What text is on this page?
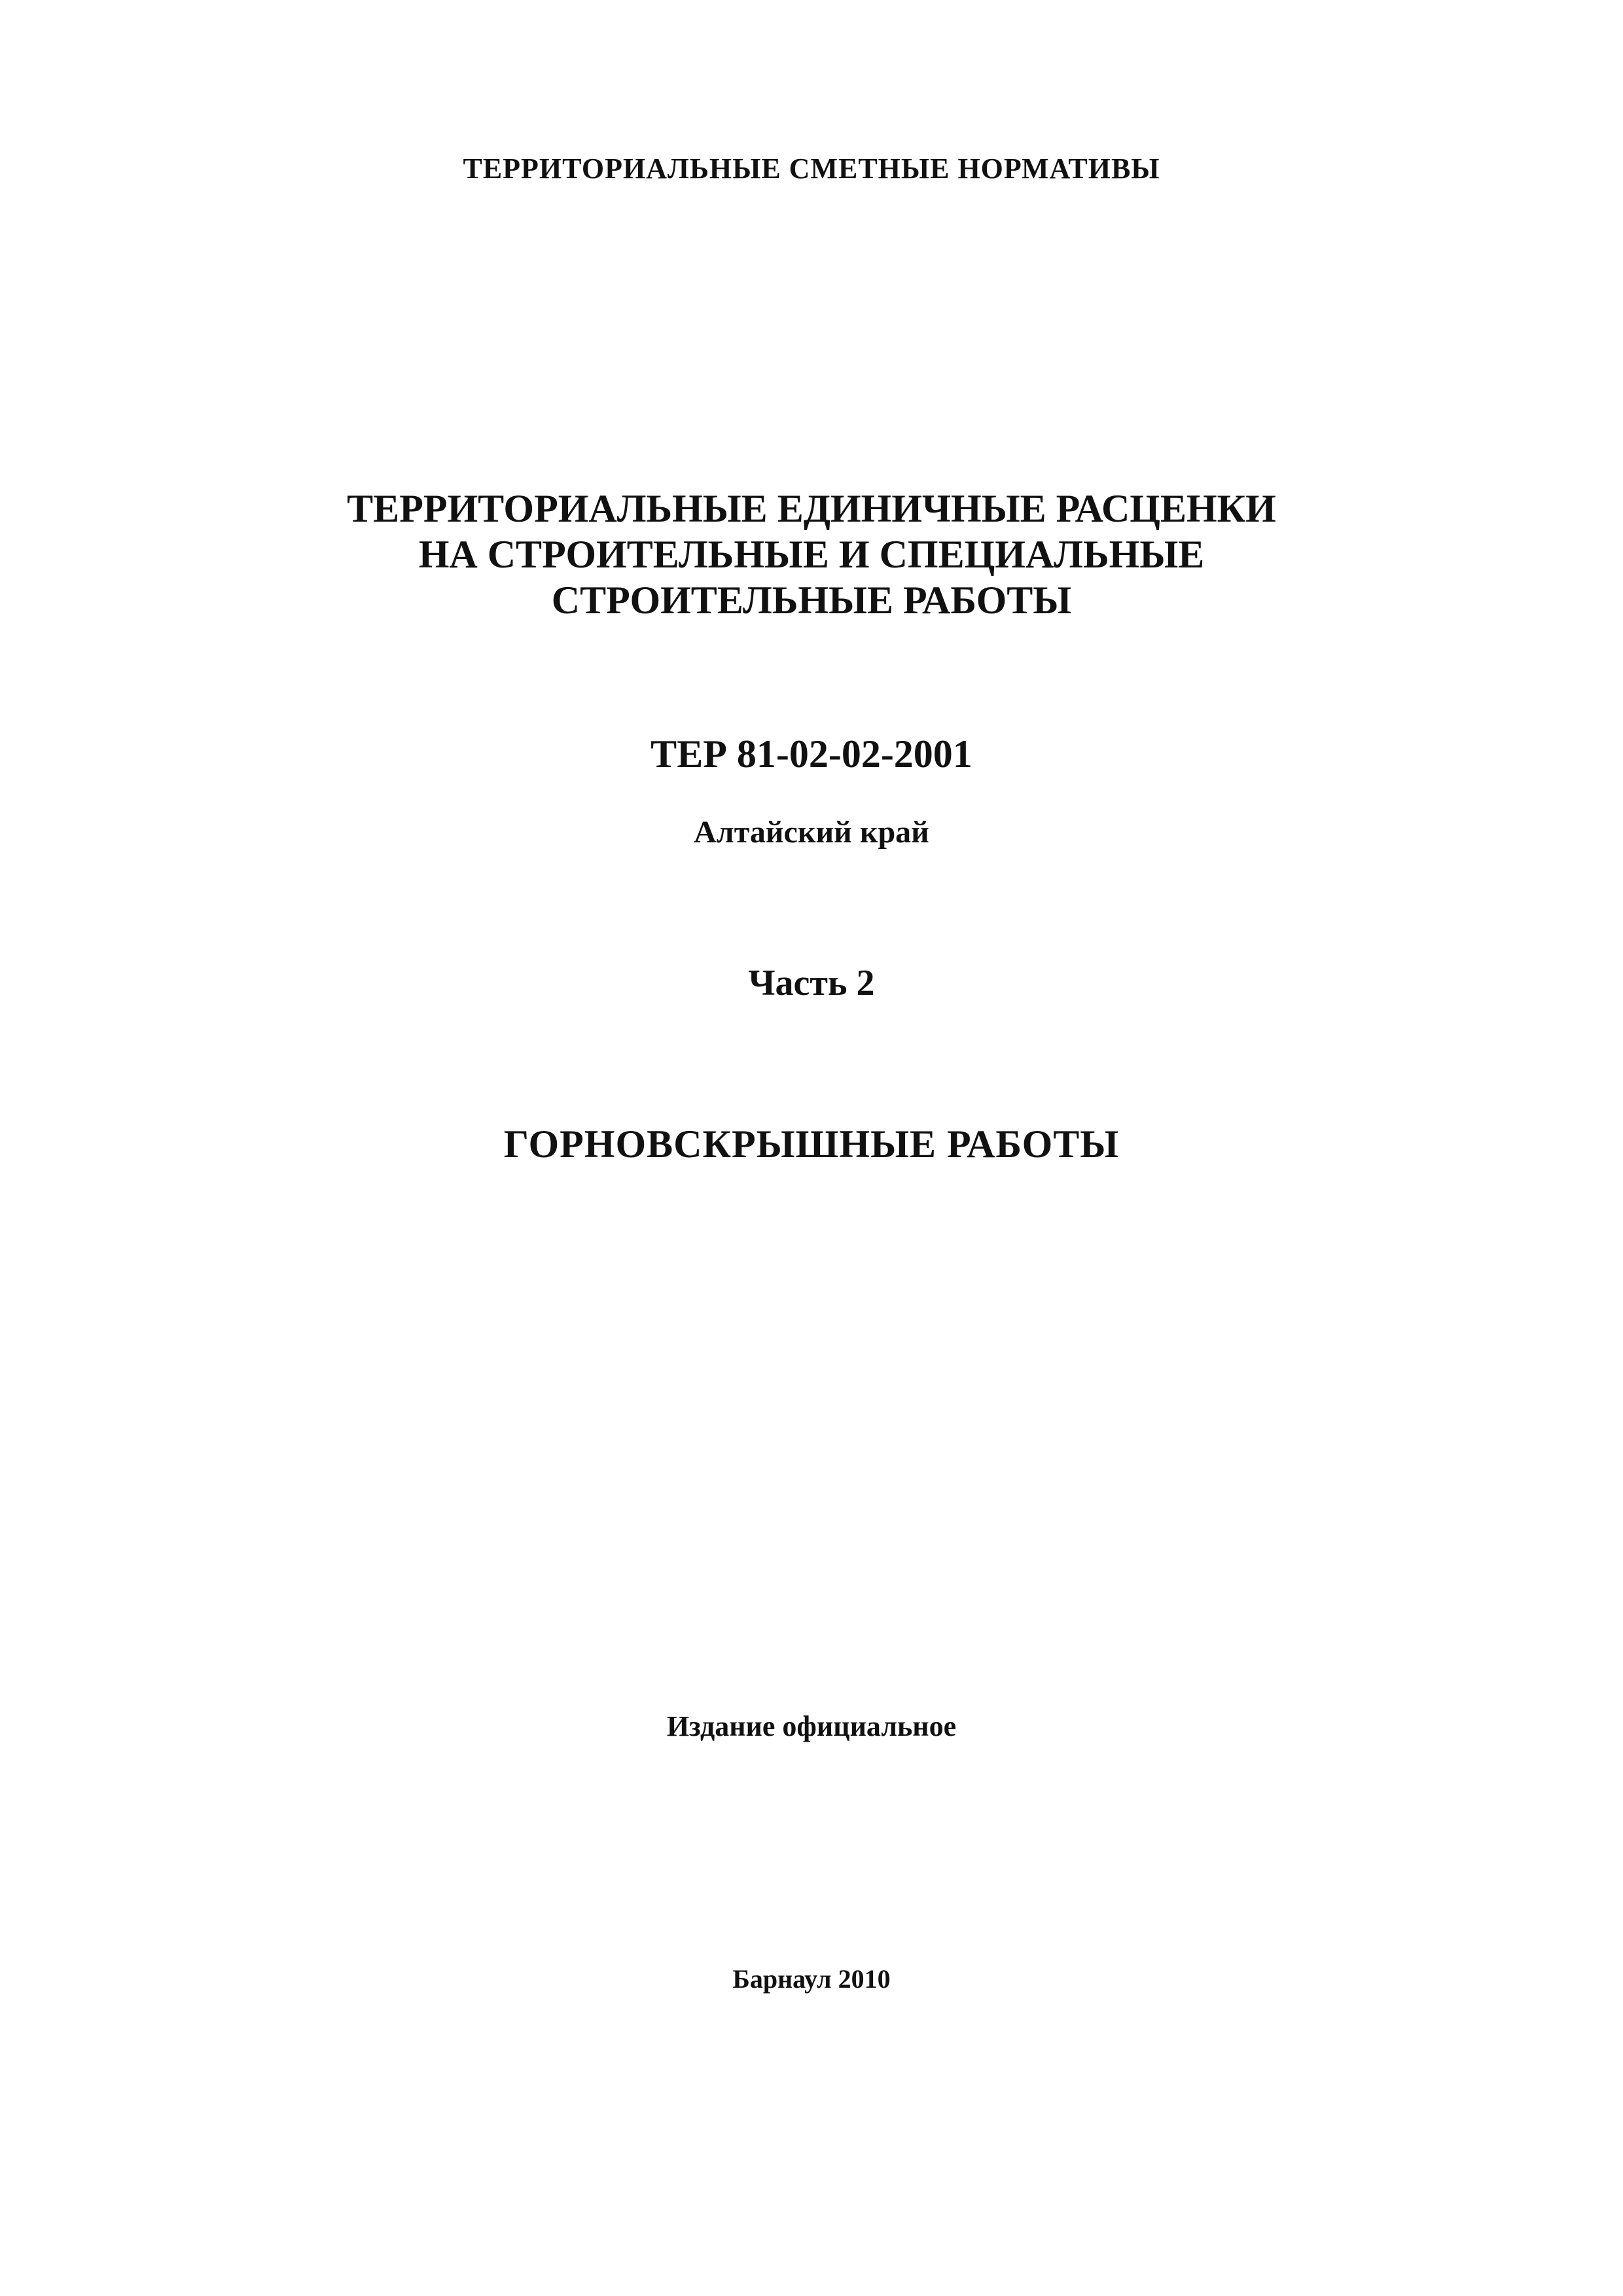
ТЕРРИТОРИАЛЬНЫЕ СМЕТНЫЕ НОРМАТИВЫ
ТЕРРИТОРИАЛЬНЫЕ ЕДИНИЧНЫЕ РАСЦЕНКИ
НА СТРОИТЕЛЬНЫЕ И СПЕЦИАЛЬНЫЕ
СТРОИТЕЛЬНЫЕ РАБОТЫ
ТЕР 81-02-02-2001
Алтайский край
Часть 2
ГОРНОВСКРЫШНЫЕ РАБОТЫ
Издание официальное
Барнаул 2010
